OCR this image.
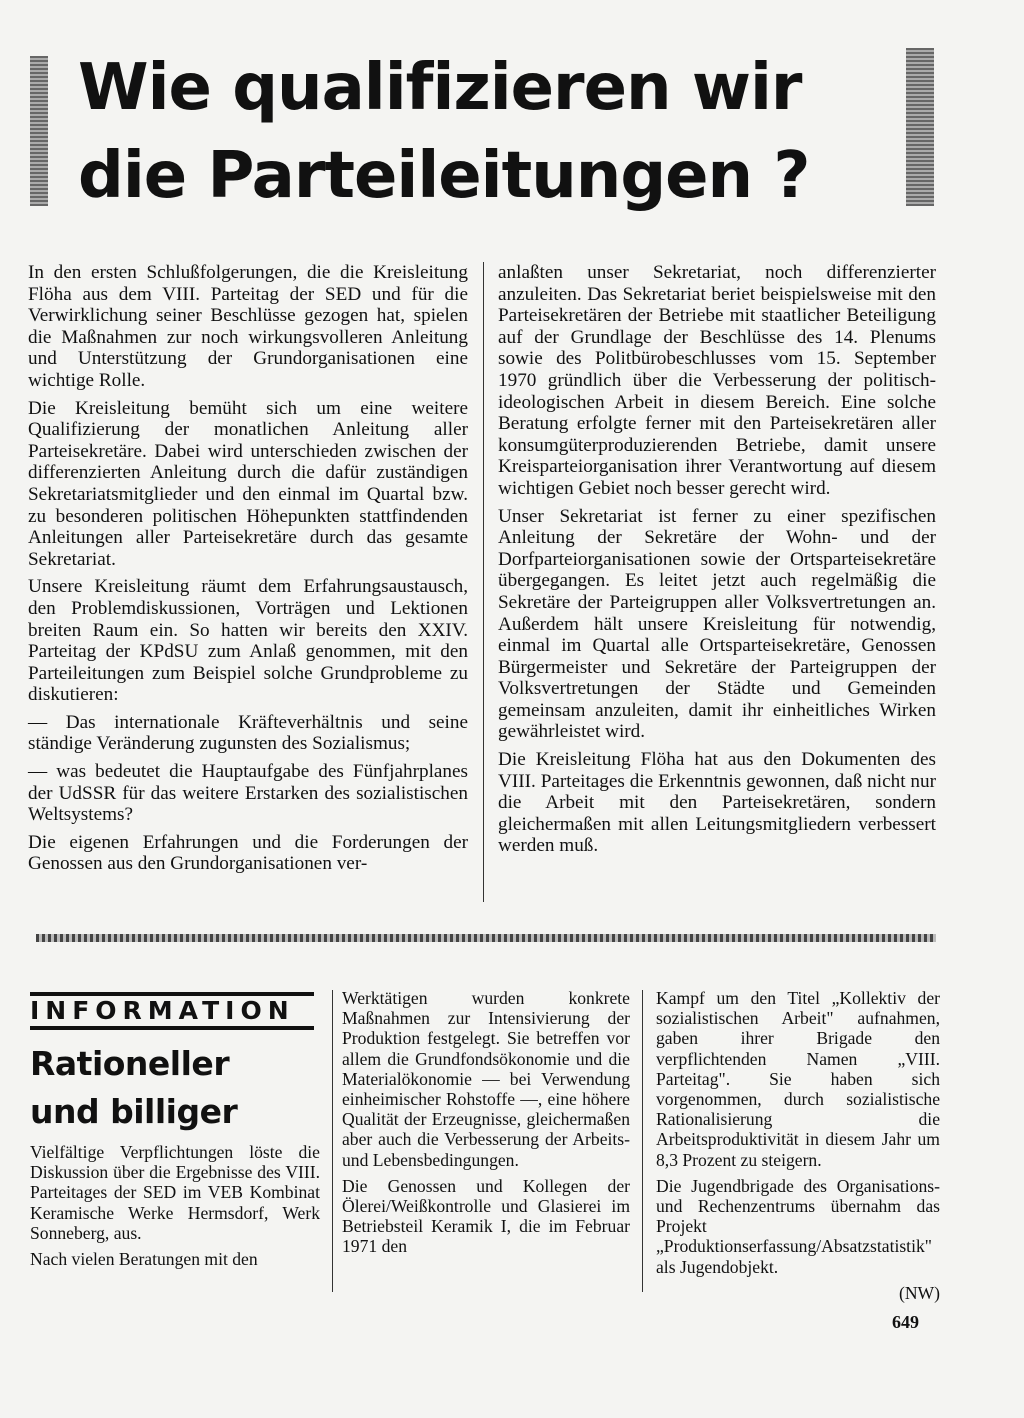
Wie qualifizieren wir
die Parteileitungen ?

In den ersten Schlußfolgerungen, die die Kreisleitung Flöha aus dem VIII. Parteitag der SED und für die Verwirklichung seiner Beschlüsse gezogen hat, spielen die Maßnahmen zur noch wirkungsvolleren Anleitung und Unterstützung der Grundorganisationen eine wichtige Rolle.

Die Kreisleitung bemüht sich um eine weitere Qualifizierung der monatlichen Anleitung aller Parteisekretäre. Dabei wird unterschieden zwischen der differenzierten Anleitung durch die dafür zuständigen Sekretariatsmitglieder und den einmal im Quartal bzw. zu besonderen politischen Höhepunkten stattfindenden Anleitungen aller Parteisekretäre durch das gesamte Sekretariat.

Unsere Kreisleitung räumt dem Erfahrungsaustausch, den Problemdiskussionen, Vorträgen und Lektionen breiten Raum ein. So hatten wir bereits den XXIV. Parteitag der KPdSU zum Anlaß genommen, mit den Parteileitungen zum Beispiel solche Grundprobleme zu diskutieren:

— Das internationale Kräfteverhältnis und seine ständige Veränderung zugunsten des Sozialismus;

— was bedeutet die Hauptaufgabe des Fünfjahrplanes der UdSSR für das weitere Erstarken des sozialistischen Weltsystems?

Die eigenen Erfahrungen und die Forderungen der Genossen aus den Grundorganisationen ver-

anlaßten unser Sekretariat, noch differenzierter anzuleiten. Das Sekretariat beriet beispielsweise mit den Parteisekretären der Betriebe mit staatlicher Beteiligung auf der Grundlage der Beschlüsse des 14. Plenums sowie des Politbürobeschlusses vom 15. September 1970 gründlich über die Verbesserung der politisch-ideologischen Arbeit in diesem Bereich. Eine solche Beratung erfolgte ferner mit den Parteisekretären aller konsumgüterproduzierenden Betriebe, damit unsere Kreisparteiorganisation ihrer Verantwortung auf diesem wichtigen Gebiet noch besser gerecht wird.

Unser Sekretariat ist ferner zu einer spezifischen Anleitung der Sekretäre der Wohn- und der Dorfparteiorganisationen sowie der Ortsparteisekretäre übergegangen. Es leitet jetzt auch regelmäßig die Sekretäre der Parteigruppen aller Volksvertretungen an. Außerdem hält unsere Kreisleitung für notwendig, einmal im Quartal alle Ortsparteisekretäre, Genossen Bürgermeister und Sekretäre der Parteigruppen der Volksvertretungen der Städte und Gemeinden gemeinsam anzuleiten, damit ihr einheitliches Wirken gewährleistet wird.

Die Kreisleitung Flöha hat aus den Dokumenten des VIII. Parteitages die Erkenntnis gewonnen, daß nicht nur die Arbeit mit den Parteisekretären, sondern gleichermaßen mit allen Leitungsmitgliedern verbessert werden muß.

INFORMATION
Rationeller
und billiger

Vielfältige Verpflichtungen löste die Diskussion über die Ergebnisse des VIII. Parteitages der SED im VEB Kombinat Keramische Werke Hermsdorf, Werk Sonneberg, aus.

Nach vielen Beratungen mit den

Werktätigen wurden konkrete Maßnahmen zur Intensivierung der Produktion festgelegt. Sie betreffen vor allem die Grundfondsökonomie und die Materialökonomie — bei Verwendung einheimischer Rohstoffe —, eine höhere Qualität der Erzeugnisse, gleichermaßen aber auch die Verbesserung der Arbeits- und Lebensbedingungen.

Die Genossen und Kollegen der Ölerei/Weißkontrolle und Glasierei im Betriebsteil Keramik I, die im Februar 1971 den

Kampf um den Titel „Kollektiv der sozialistischen Arbeit" aufnahmen, gaben ihrer Brigade den verpflichtenden Namen „VIII. Parteitag". Sie haben sich vorgenommen, durch sozialistische Rationalisierung die Arbeitsproduktivität in diesem Jahr um 8,3 Prozent zu steigern.

Die Jugendbrigade des Organisations- und Rechenzentrums übernahm das Projekt „Produktionserfassung/Absatzstatistik" als Jugendobjekt.

(NW)

649
